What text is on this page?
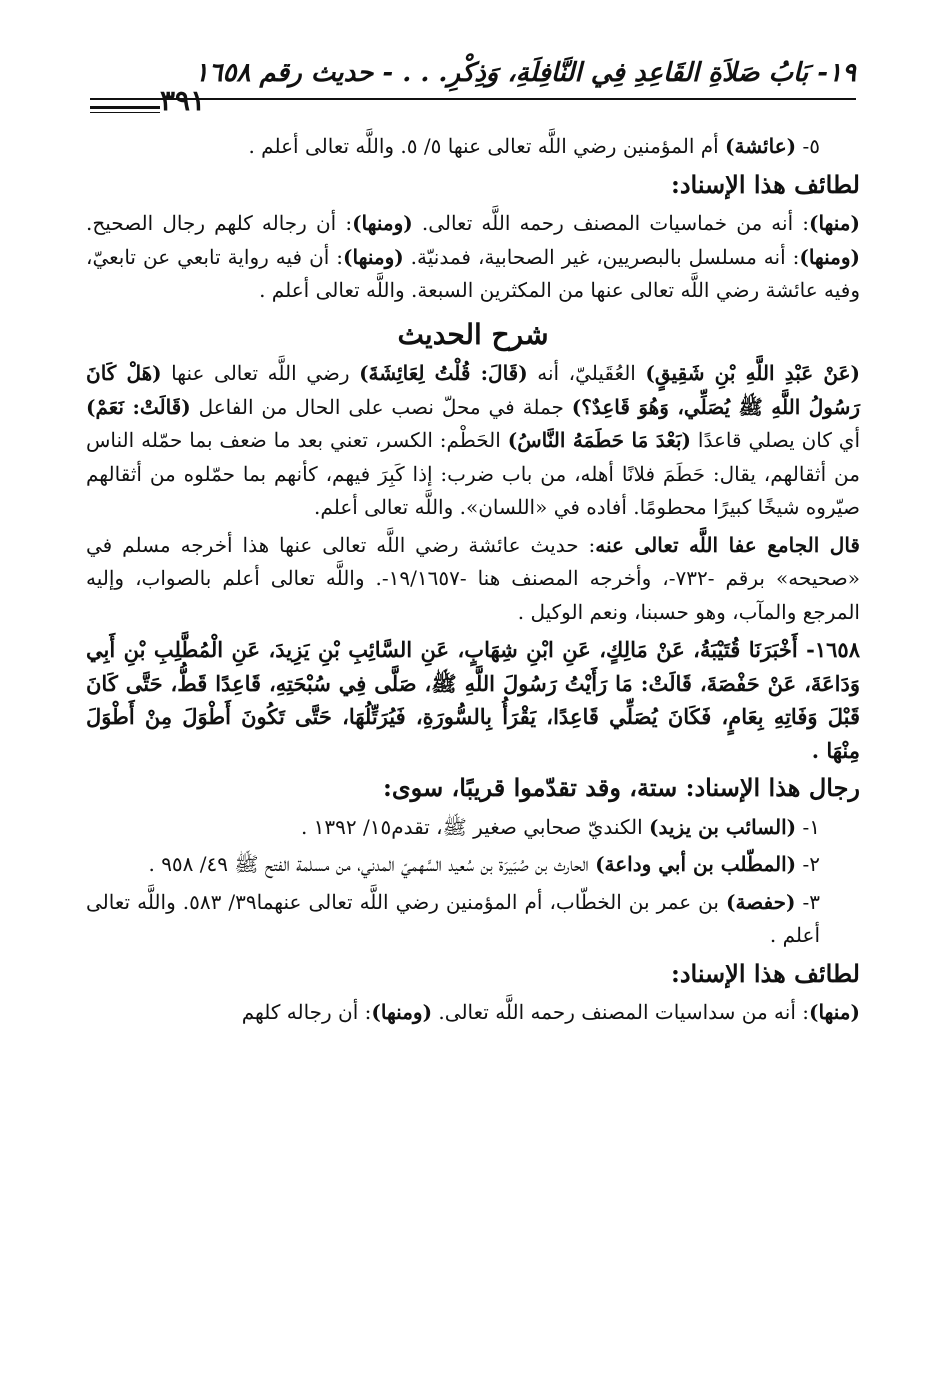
١٩- بَابُ صَلاَةِ القَاعِدِ فِي النَّافِلَةِ، وَذِكْرِ. . . - حديث رقم ١٦٥٨
٣٩١

٥- (عائشة) أم المؤمنين رضي اللَّه تعالى عنها ٥/ ٥. واللَّه تعالى أعلم .

لطائف هذا الإسناد:

(منها): أنه من خماسيات المصنف رحمه اللَّه تعالى. (ومنها): أن رجاله كلهم رجال الصحيح. (ومنها): أنه مسلسل بالبصريين، غير الصحابية، فمدنيّة. (ومنها): أن فيه رواية تابعي عن تابعيّ، وفيه عائشة رضي اللَّه تعالى عنها من المكثرين السبعة. واللَّه تعالى أعلم .

شرح الحديث

(عَنْ عَبْدِ اللَّهِ بْنِ شَقِيقٍ) العُقَيليّ، أنه (قَالَ: قُلْتُ لِعَائِشَةَ) رضي اللَّه تعالى عنها (هَلْ كَانَ رَسُولُ اللَّهِ ﷺ يُصَلِّي، وَهُوَ قَاعِدٌ؟) جملة في محلّ نصب على الحال من الفاعل (قَالَتْ: نَعَمْ) أي كان يصلي قاعدًا (بَعْدَ مَا حَطَمَهُ النَّاسُ) الحَطْم: الكسر، تعني بعد ما ضعف بما حمّله الناس من أثقالهم، يقال: حَطَمَ فلانًا أهله، من باب ضرب: إذا كَبِرَ فيهم، كأنهم بما حمّلوه من أثقالهم صيّروه شيخًا كبيرًا محطومًا. أفاده في «اللسان». واللَّه تعالى أعلم.

قال الجامع عفا اللَّه تعالى عنه: حديث عائشة رضي اللَّه تعالى عنها هذا أخرجه مسلم في «صحيحه» برقم -٧٣٢-، وأخرجه المصنف هنا -١٩/١٦٥٧-. واللَّه تعالى أعلم بالصواب، وإليه المرجع والمآب، وهو حسبنا، ونعم الوكيل .

١٦٥٨- أَخْبَرَنَا قُتَيْبَةُ، عَنْ مَالِكٍ، عَنِ ابْنِ شِهَابٍ، عَنِ السَّائِبِ بْنِ يَزِيدَ، عَنِ الْمُطَّلِبِ بْنِ أَبِي وَدَاعَةَ، عَنْ حَفْصَةَ، قَالَتْ: مَا رَأَيْتُ رَسُولَ اللَّهِ ﷺ، صَلَّى فِي سُبْحَتِهِ، قَاعِدًا قَطُّ، حَتَّى كَانَ قَبْلَ وَفَاتِهِ بِعَامٍ، فَكَانَ يُصَلِّي قَاعِدًا، يَقْرَأُ بِالسُّورَةِ، فَيُرَتِّلُهَا، حَتَّى تَكُونَ أَطْوَلَ مِنْ أَطْوَلَ مِنْهَا .

رجال هذا الإسناد: ستة، وقد تقدّموا قريبًا، سوى:

١- (السائب بن يزيد) الكنديّ صحابي صغير ﷺ، تقدم١٥/ ١٣٩٢ .

٢- (المطّلب بن أبي وداعة) الحارث بن صُبَيرَة بن سُعيد السَّهميّ المدني، من مسلمة الفتح ﷺ ٤٩/ ٩٥٨ .

٣- (حفصة) بن عمر بن الخطّاب، أم المؤمنين رضي اللَّه تعالى عنهما٣٩/ ٥٨٣. واللَّه تعالى أعلم .

لطائف هذا الإسناد:

(منها): أنه من سداسيات المصنف رحمه اللَّه تعالى. (ومنها): أن رجاله كلهم
